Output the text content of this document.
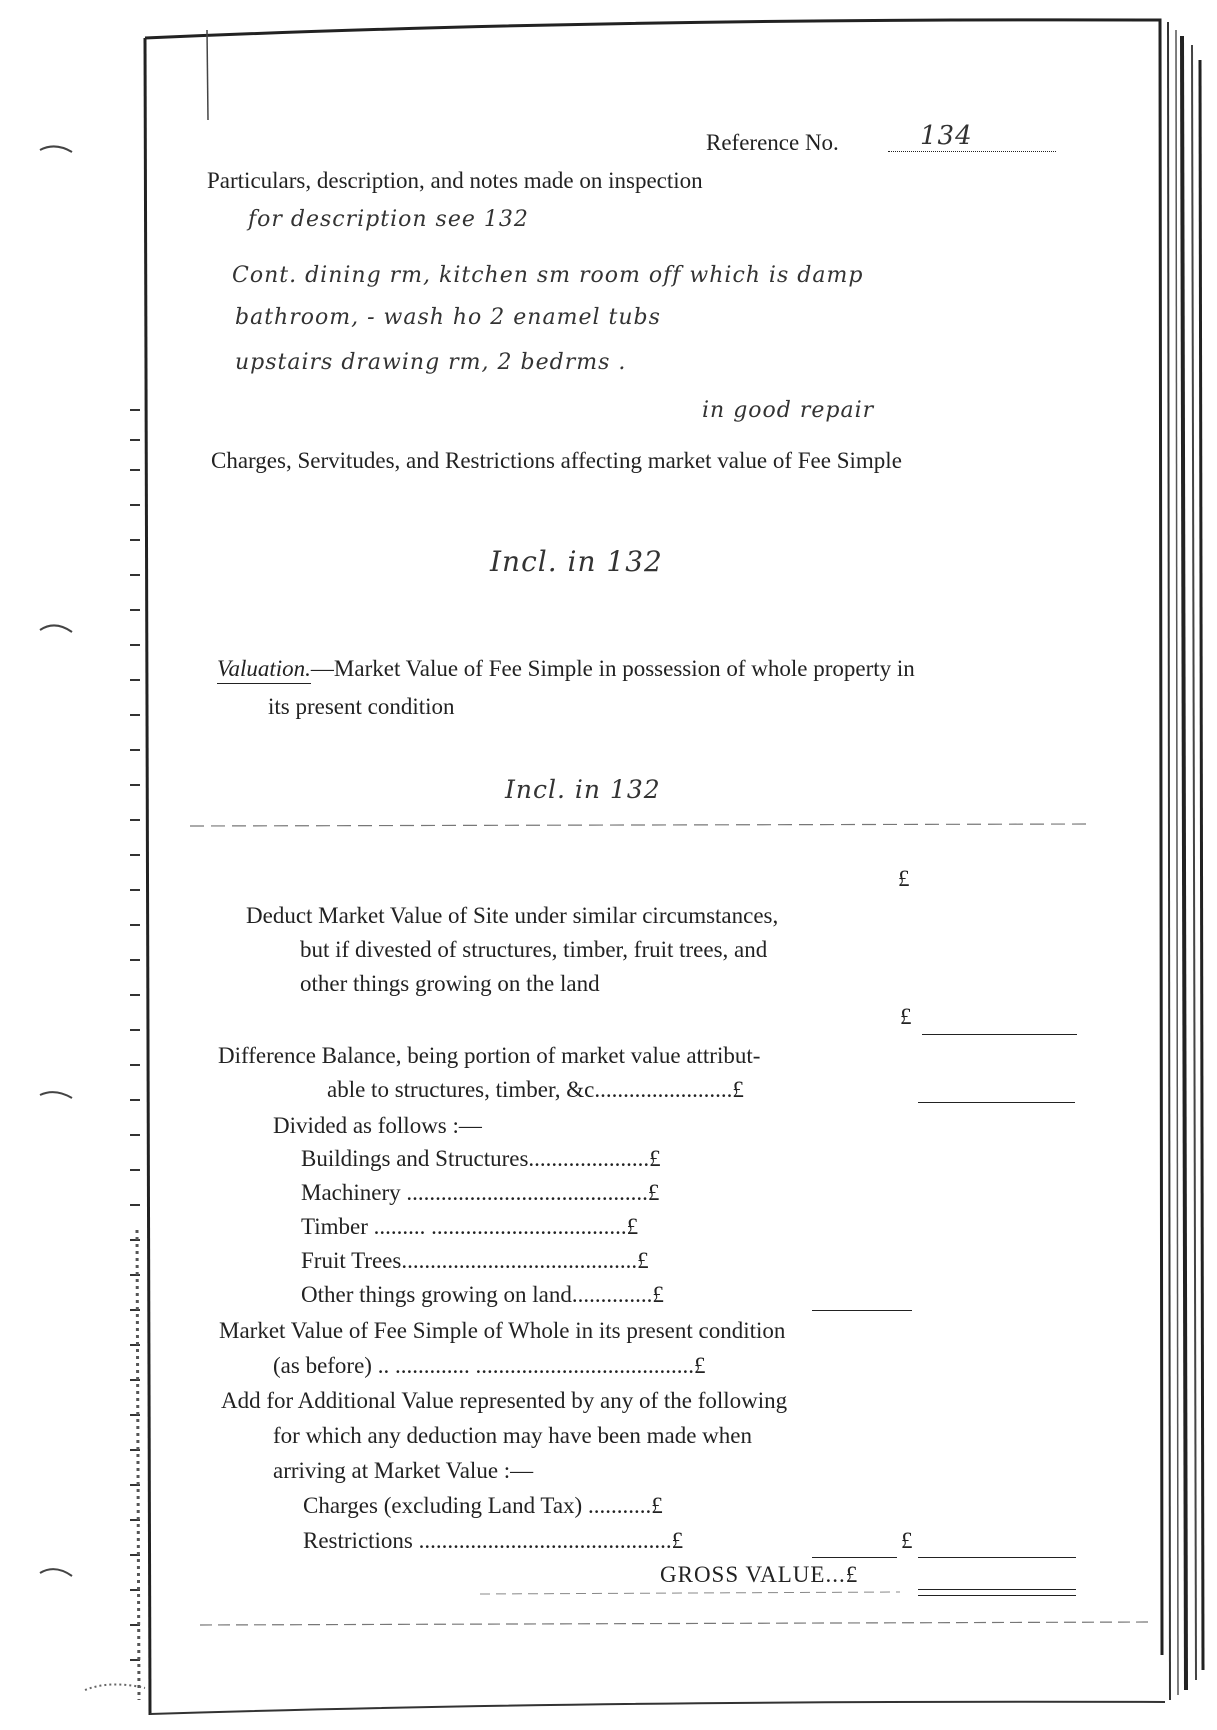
Reference No.	134
Particulars, description, and notes made on inspection
for description see 132
Cont. dining rm, kitchen sm room off which is damp
bathroom, - wash ho 2 enamel tubs
upstairs drawing rm, 2 bedrms .
in good repair
Charges, Servitudes, and Restrictions affecting market value of Fee Simple
Incl. in 132
Valuation.—Market Value of Fee Simple in possession of whole property in
its present condition
Incl. in 132
£
Deduct Market Value of Site under similar circumstances,
but if divested of structures, timber, fruit trees, and
other things growing on the land
£
Difference Balance, being portion of market value attribut-
able to structures, timber, &c........................£
Divided as follows :—
Buildings and Structures.....................£
Machinery ..........................................£
Timber ......... ..................................£
Fruit Trees.........................................£
Other things growing on land..............£
Market Value of Fee Simple of Whole in its present condition
(as before) .. ............. ......................................£
Add for Additional Value represented by any of the following
for which any deduction may have been made when
arriving at Market Value :—
Charges (excluding Land Tax) ...........£
Restrictions ............................................£	£
GROSS VALUE...£
